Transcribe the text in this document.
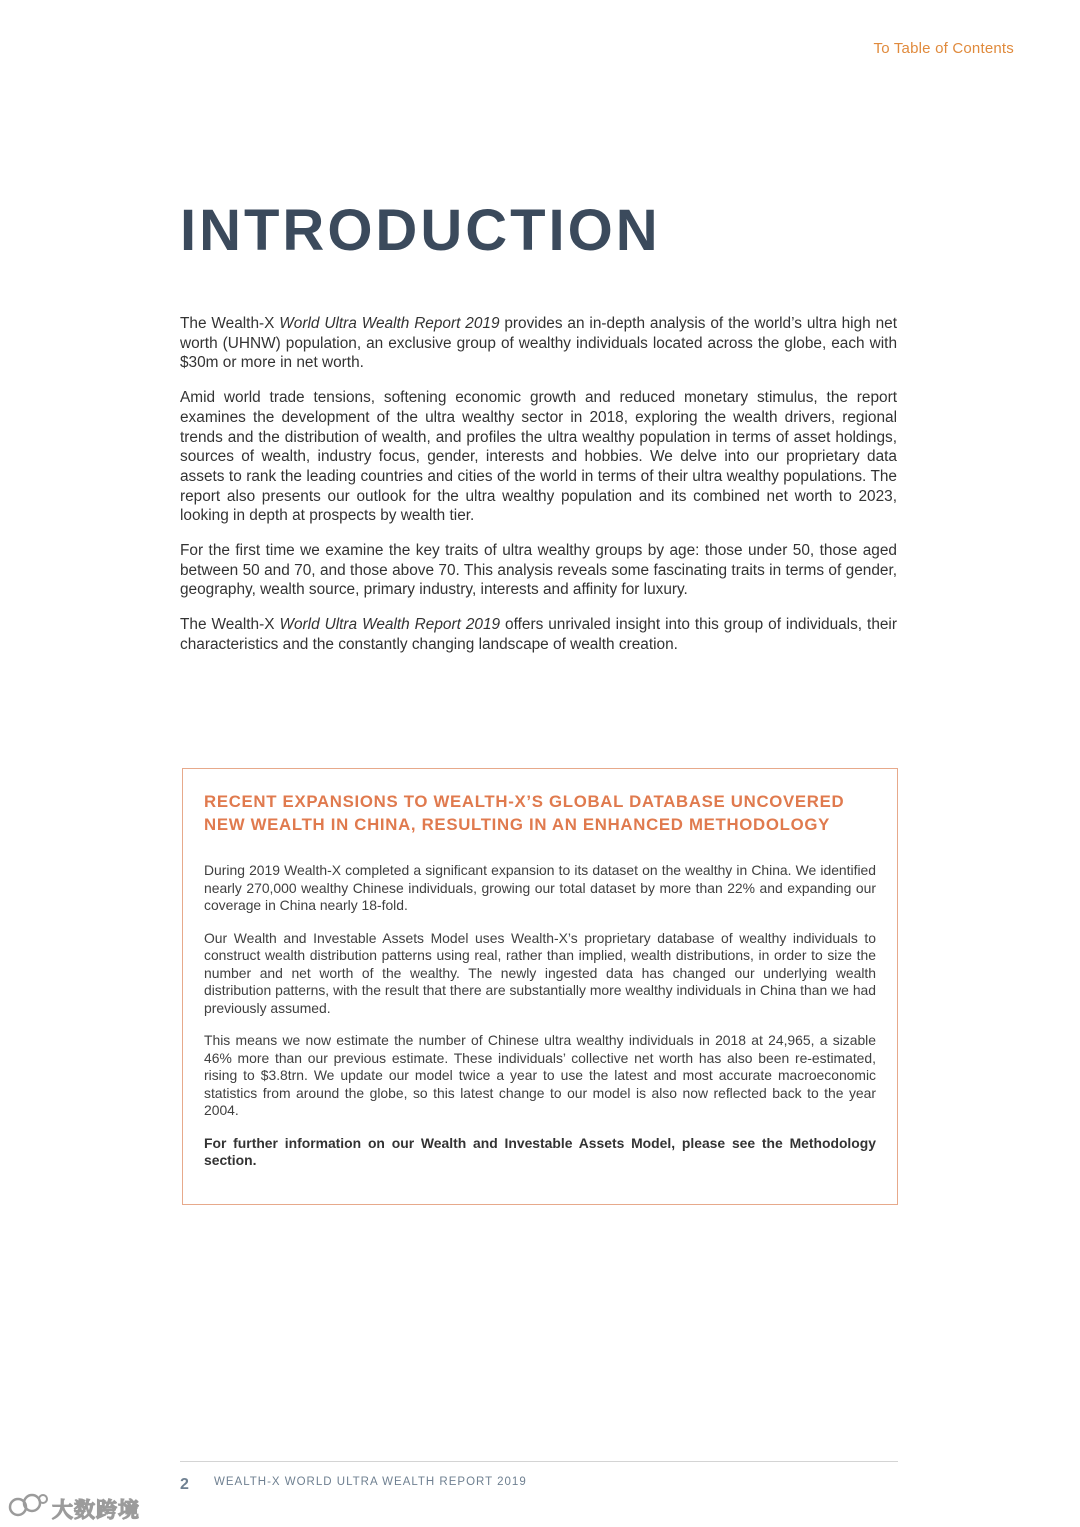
To Table of Contents
INTRODUCTION

The Wealth-X World Ultra Wealth Report 2019 provides an in-depth analysis of the world’s ultra high net worth (UHNW) population, an exclusive group of wealthy individuals located across the globe, each with $30m or more in net worth.

Amid world trade tensions, softening economic growth and reduced monetary stimulus, the report examines the development of the ultra wealthy sector in 2018, exploring the wealth drivers, regional trends and the distribution of wealth, and profiles the ultra wealthy population in terms of asset holdings, sources of wealth, industry focus, gender, interests and hobbies. We delve into our proprietary data assets to rank the leading countries and cities of the world in terms of their ultra wealthy populations. The report also presents our outlook for the ultra wealthy population and its combined net worth to 2023, looking in depth at prospects by wealth tier.

For the first time we examine the key traits of ultra wealthy groups by age: those under 50, those aged between 50 and 70, and those above 70. This analysis reveals some fascinating traits in terms of gender, geography, wealth source, primary industry, interests and affinity for luxury.

The Wealth-X World Ultra Wealth Report 2019 offers unrivaled insight into this group of individuals, their characteristics and the constantly changing landscape of wealth creation.

RECENT EXPANSIONS TO WEALTH-X’S GLOBAL DATABASE UNCOVERED
NEW WEALTH IN CHINA, RESULTING IN AN ENHANCED METHODOLOGY

During 2019 Wealth-X completed a significant expansion to its dataset on the wealthy in China. We identified nearly 270,000 wealthy Chinese individuals, growing our total dataset by more than 22% and expanding our coverage in China nearly 18-fold.

Our Wealth and Investable Assets Model uses Wealth-X’s proprietary database of wealthy individuals to construct wealth distribution patterns using real, rather than implied, wealth distributions, in order to size the number and net worth of the wealthy. The newly ingested data has changed our underlying wealth distribution patterns, with the result that there are substantially more wealthy individuals in China than we had previously assumed.

This means we now estimate the number of Chinese ultra wealthy individuals in 2018 at 24,965, a sizable 46% more than our previous estimate. These individuals’ collective net worth has also been re-estimated, rising to $3.8trn. We update our model twice a year to use the latest and most accurate macroeconomic statistics from around the globe, so this latest change to our model is also now reflected back to the year 2004.

For further information on our Wealth and Investable Assets Model, please see the Methodology section.

2 WEALTH-X WORLD ULTRA WEALTH REPORT 2019
大数跨境
